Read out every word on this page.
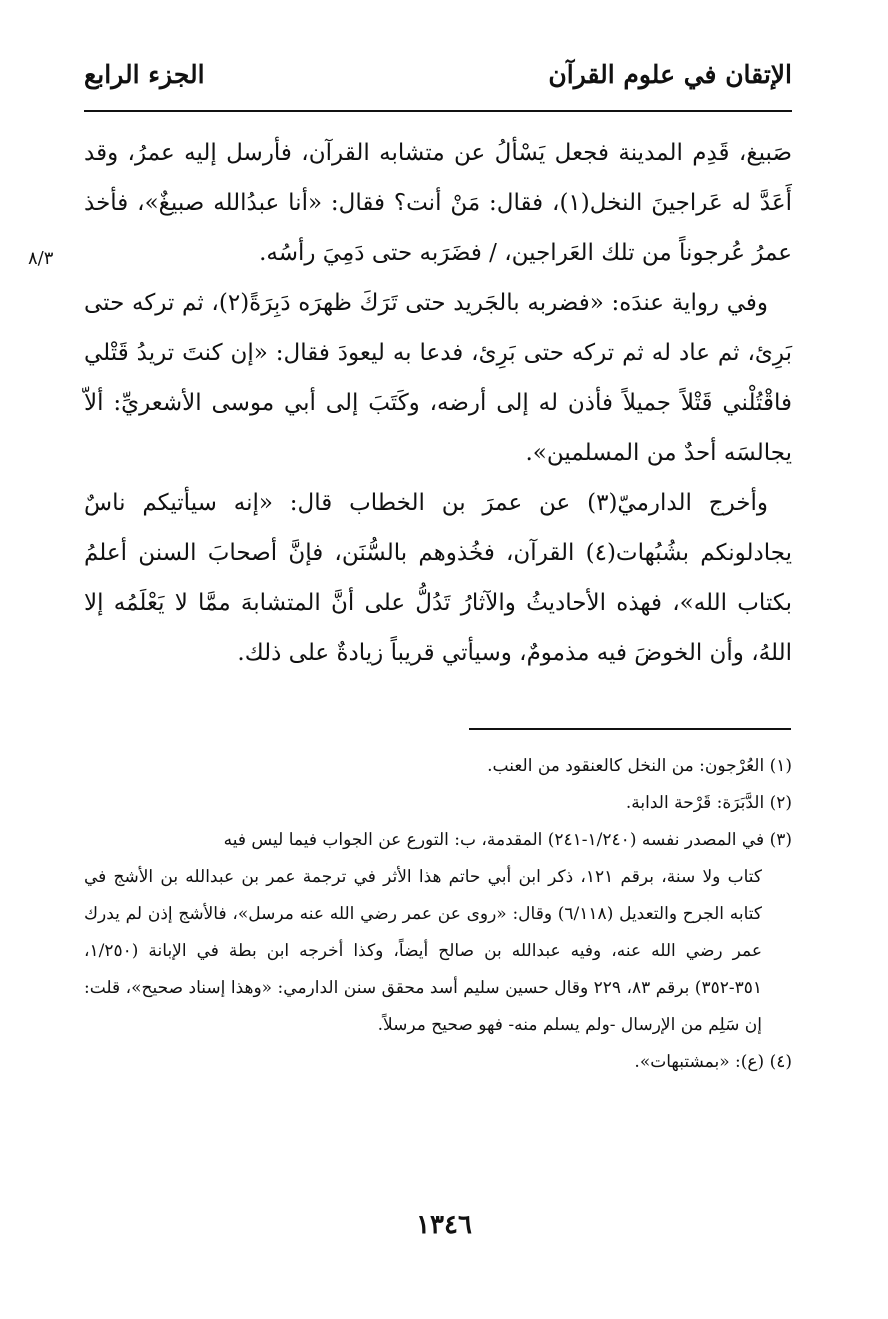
الإتقان في علوم القرآن
الجزء الرابع
٨/٣

صَبيغ، قَدِم المدينة فجعل يَسْألُ عن متشابه القرآن، فأرسل إليه عمرُ، وقد أَعَدَّ له عَراجينَ النخل(١)، فقال: مَنْ أنت؟ فقال: «أنا عبدُالله صبيغٌ»، فأخذ عمرُ عُرجوناً من تلك العَراجين، / فضَرَبه حتى دَمِيَ رأسُه.

وفي رواية عندَه: «فضربه بالجَريد حتى تَرَكَ ظهرَه دَبِرَةً(٢)، ثم تركه حتى بَرِئ، ثم عاد له ثم تركه حتى بَرِئ، فدعا به ليعودَ فقال: «إن كنتَ تريدُ قَتْلي فاقْتُلْني قَتْلاً جميلاً فأذن له إلى أرضه، وكَتَبَ إلى أبي موسى الأشعريِّ: ألاّ يجالسَه أحدٌ من المسلمين».

وأخرج الدارميّ(٣) عن عمرَ بن الخطاب قال: «إنه سيأتيكم ناسٌ يجادلونكم بشُبُهات(٤) القرآن، فخُذوهم بالسُّنَن، فإنَّ أصحابَ السنن أعلمُ بكتاب الله»، فهذه الأحاديثُ والآثارُ تَدُلُّ على أنَّ المتشابهَ ممَّا لا يَعْلَمُه إلا اللهُ، وأن الخوضَ فيه مذمومٌ، وسيأتي قريباً زيادةٌ على ذلك.

(١) العُرْجون: من النخل كالعنقود من العنب.

(٢) الدَّبَرَة: قَرْحة الدابة.

(٣) في المصدر نفسه (١/٢٤٠-٢٤١) المقدمة، ب: التورع عن الجواب فيما ليس فيه

كتاب ولا سنة، برقم ١٢١، ذكر ابن أبي حاتم هذا الأثر في ترجمة عمر بن عبدالله بن الأشج في كتابه الجرح والتعديل (٦/١١٨) وقال: «روى عن عمر رضي الله عنه مرسل»، فالأشج إذن لم يدرك عمر رضي الله عنه، وفيه عبدالله بن صالح أيضاً، وكذا أخرجه ابن بطة في الإبانة (١/٢٥٠، ٣٥١-٣٥٢) برقم ٨٣، ٢٢٩ وقال حسين سليم أسد محقق سنن الدارمي: «وهذا إسناد صحيح»، قلت: إن سَلِم من الإرسال -ولم يسلم منه- فهو صحيح مرسلاً.

(٤) (ع): «بمشتبهات».

١٣٤٦
